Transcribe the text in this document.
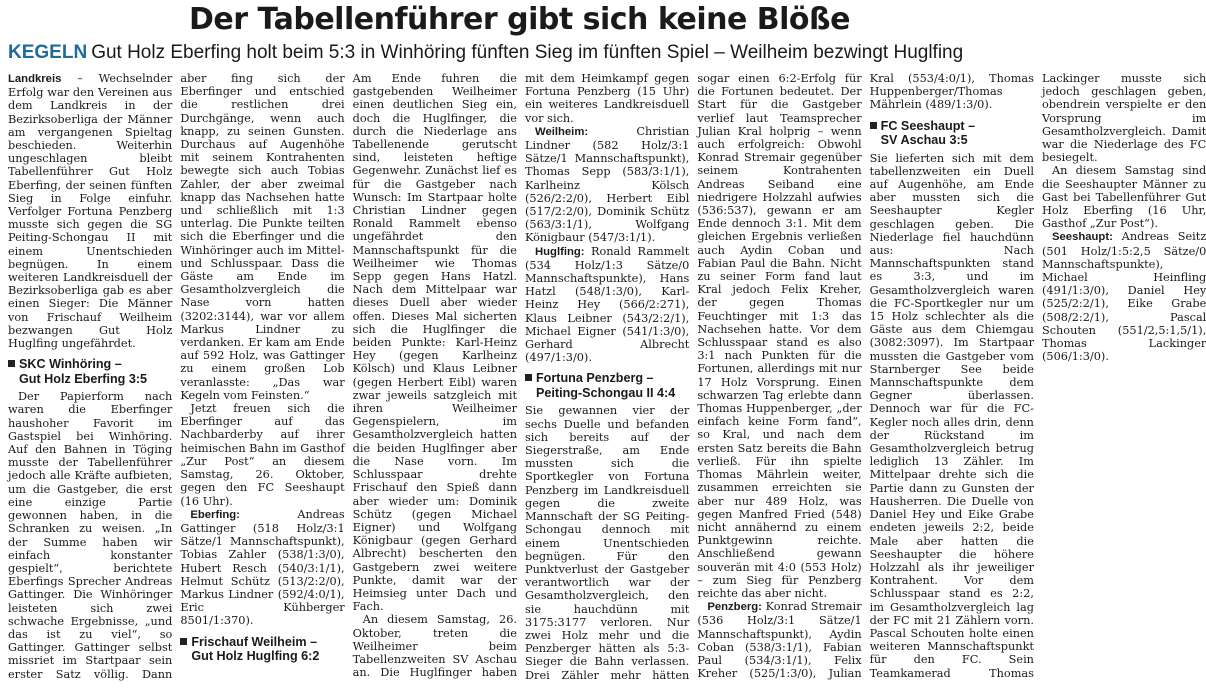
Der Tabellenführer gibt sich keine Blöße
KEGELN Gut Holz Eberfing holt beim 5:3 in Winhöring fünften Sieg im fünften Spiel – Weilheim bezwingt Huglfing

Landkreis – Wechselnder Erfolg war den Vereinen aus dem Landkreis in der Bezirksoberliga der Männer am vergangenen Spieltag beschieden. Weiterhin ungeschlagen bleibt Tabellenführer Gut Holz Eberfing, der seinen fünften Sieg in Folge einfuhr. Verfolger Fortuna Penzberg musste sich gegen die SG Peiting-Schongau II mit einem Unentschieden begnügen. In einem weiteren Landkreisduell der Bezirksoberliga gab es aber einen Sieger: Die Männer von Frischauf Weilheim bezwangen Gut Holz Huglfing ungefährdet.

SKC Winhöring –
Gut Holz Eberfing 3:5

Der Papierform nach waren die Eberfinger haushoher Favorit im Gastspiel bei Winhöring. Auf den Bahnen in Töging musste der Tabellenführer jedoch alle Kräfte aufbieten, um die Gastgeber, die erst eine einzige Partie gewonnen haben, in die Schranken zu weisen. „In der Summe haben wir einfach konstanter gespielt“, berichtete Eberfings Sprecher Andreas Gattinger. Die Winhöringer leisteten sich zwei schwache Ergebnisse, „und das ist zu viel“, so Gattinger. Gattinger selbst missriet im Startpaar sein erster Satz völlig. Dann aber fing sich der Eberfinger und entschied die restlichen drei Durchgänge, wenn auch knapp, zu seinen Gunsten. Durchaus auf Augenhöhe mit seinem Kontrahenten bewegte sich auch Tobias Zahler, der aber zweimal knapp das Nachsehen hatte und schließlich mit 1:3 unterlag. Die Punkte teilten sich die Eberfinger und die Winhöringer auch im Mittel- und Schlusspaar. Dass die Gäste am Ende im Gesamtholzvergleich die Nase vorn hatten (3202:3144), war vor allem Markus Lindner zu verdanken. Er kam am Ende auf 592 Holz, was Gattinger zu einem großen Lob veranlasste: „Das war Kegeln vom Feinsten.“

Jetzt freuen sich die Eberfinger auf das Nachbarderby auf ihrer heimischen Bahn im Gasthof „Zur Post“ an diesem Samstag, 26. Oktober, gegen den FC Seeshaupt (16 Uhr).

Eberfing: Andreas Gattinger (518 Holz/3:1 Sätze/1 Mannschaftspunkt), Tobias Zahler (538/1:3/0), Hubert Resch (540/3:1/1), Helmut Schütz (513/2:2/0), Markus Lindner (592/4:0/1), Eric Kühberger 8501/1:370).

Frischauf Weilheim –
Gut Holz Huglfing 6:2

Am Ende fuhren die gastgebenden Weilheimer einen deutlichen Sieg ein, doch die Huglfinger, die durch die Niederlage ans Tabellenende gerutscht sind, leisteten heftige Gegenwehr. Zunächst lief es für die Gastgeber nach Wunsch: Im Startpaar holte Christian Lindner gegen Ronald Rammelt ebenso ungefährdet den Mannschaftspunkt für die Weilheimer wie Thomas Sepp gegen Hans Hatzl. Nach dem Mittelpaar war dieses Duell aber wieder offen. Dieses Mal sicherten sich die Huglfinger die beiden Punkte: Karl-Heinz Hey (gegen Karlheinz Kölsch) und Klaus Leibner (gegen Herbert Eibl) waren zwar jeweils satzgleich mit ihren Weilheimer Gegenspielern, im Gesamtholzvergleich hatten die beiden Huglfinger aber die Nase vorn. Im Schlusspaar drehte Frischauf den Spieß dann aber wieder um: Dominik Schütz (gegen Michael Eigner) und Wolfgang Königbaur (gegen Gerhard Albrecht) bescherten den Gastgebern zwei weitere Punkte, damit war der Heimsieg unter Dach und Fach.

An diesem Samstag, 26. Oktober, treten die Weilheimer beim Tabellenzweiten SV Aschau an. Die Huglfinger haben mit dem Heimkampf gegen Fortuna Penzberg (15 Uhr) ein weiteres Landkreisduell vor sich.

Weilheim: Christian Lindner (582 Holz/3:1 Sätze/1 Mannschaftspunkt), Thomas Sepp (583/3:1/1), Karlheinz Kölsch (526/2:2/0), Herbert Eibl (517/2:2/0), Dominik Schütz (563/3:1/1), Wolfgang Königbaur (547/3:1/1).

Huglfing: Ronald Rammelt (534 Holz/1:3 Sätze/0 Mannschaftspunkte), Hans Hatzl (548/1:3/0), Karl-Heinz Hey (566/2:271), Klaus Leibner (543/2:2/1), Michael Eigner (541/1:3/0), Gerhard Albrecht (497/1:3/0).

Fortuna Penzberg –
Peiting-Schongau II 4:4

Sie gewannen vier der sechs Duelle und befanden sich bereits auf der Siegerstraße, am Ende mussten sich die Sportkegler von Fortuna Penzberg im Landkreisduell gegen die zweite Mannschaft der SG Peiting-Schongau dennoch mit einem Unentschieden begnügen. Für den Punktverlust der Gastgeber verantwortlich war der Gesamtholzvergleich, den sie hauchdünn mit 3175:3177 verloren. Nur zwei Holz mehr und die Penzberger hätten als 5:3-Sieger die Bahn verlassen. Drei Zähler mehr hätten sogar einen 6:2-Erfolg für die Fortunen bedeutet. Der Start für die Gastgeber verlief laut Teamsprecher Julian Kral holprig – wenn auch erfolgreich: Obwohl Konrad Stremair gegenüber seinem Kontrahenten Andreas Seiband eine niedrigere Holzzahl aufwies (536:537), gewann er am Ende dennoch 3:1. Mit dem gleichen Ergebnis verließen auch Aydin Coban und Fabian Paul die Bahn. Nicht zu seiner Form fand laut Kral jedoch Felix Kreher, der gegen Thomas Feuchtinger mit 1:3 das Nachsehen hatte. Vor dem Schlusspaar stand es also 3:1 nach Punkten für die Fortunen, allerdings mit nur 17 Holz Vorsprung. Einen schwarzen Tag erlebte dann Thomas Huppenberger, „der einfach keine Form fand“, so Kral, und nach dem ersten Satz bereits die Bahn verließ. Für ihn spielte Thomas Mährlein weiter, zusammen erreichten sie aber nur 489 Holz, was gegen Manfred Fried (548) nicht annähernd zu einem Punktgewinn reichte. Anschließend gewann souverän mit 4:0 (553 Holz) – zum Sieg für Penzberg reichte das aber nicht.

Penzberg: Konrad Stremair (536 Holz/3:1 Sätze/1 Mannschaftspunkt), Aydin Coban (538/3:1/1), Fabian Paul (534/3:1/1), Felix Kreher (525/1:3/0), Julian Kral (553/4:0/1), Thomas Huppenberger/Thomas Mährlein (489/1:3/0).

FC Seeshaupt –
SV Aschau 3:5

Sie lieferten sich mit dem tabellenzweiten ein Duell auf Augenhöhe, am Ende aber mussten sich die Seeshaupter Kegler geschlagen geben. Die Niederlage fiel hauchdünn aus: Nach Mannschaftspunkten stand es 3:3, und im Gesamtholzvergleich waren die FC-Sportkegler nur um 15 Holz schlechter als die Gäste aus dem Chiemgau (3082:3097). Im Startpaar mussten die Gastgeber vom Starnberger See beide Mannschaftspunkte dem Gegner überlassen. Dennoch war für die FC-Kegler noch alles drin, denn der Rückstand im Gesamtholzvergleich betrug lediglich 13 Zähler. Im Mittelpaar drehte sich die Partie dann zu Gunsten der Hausherren. Die Duelle von Daniel Hey und Eike Grabe endeten jeweils 2:2, beide Male aber hatten die Seeshaupter die höhere Holzzahl als ihr jeweiliger Kontrahent. Vor dem Schlusspaar stand es 2:2, im Gesamtholzvergleich lag der FC mit 21 Zählern vorn. Pascal Schouten holte einen weiteren Mannschaftspunkt für den FC. Sein Teamkamerad Thomas Lackinger musste sich jedoch geschlagen geben, obendrein verspielte er den Vorsprung im Gesamtholzvergleich. Damit war die Niederlage des FC besiegelt.

An diesem Samstag sind die Seeshaupter Männer zu Gast bei Tabellenführer Gut Holz Eberfing (16 Uhr, Gasthof „Zur Post“).

Seeshaupt: Andreas Seitz (501 Holz/1:5:2,5 Sätze/0 Mannschaftspunkte), Michael Heinfling (491/1:3/0), Daniel Hey (525/2:2/1), Eike Grabe (508/2:2/1), Pascal Schouten (551/2,5:1,5/1), Thomas Lackinger (506/1:3/0).
